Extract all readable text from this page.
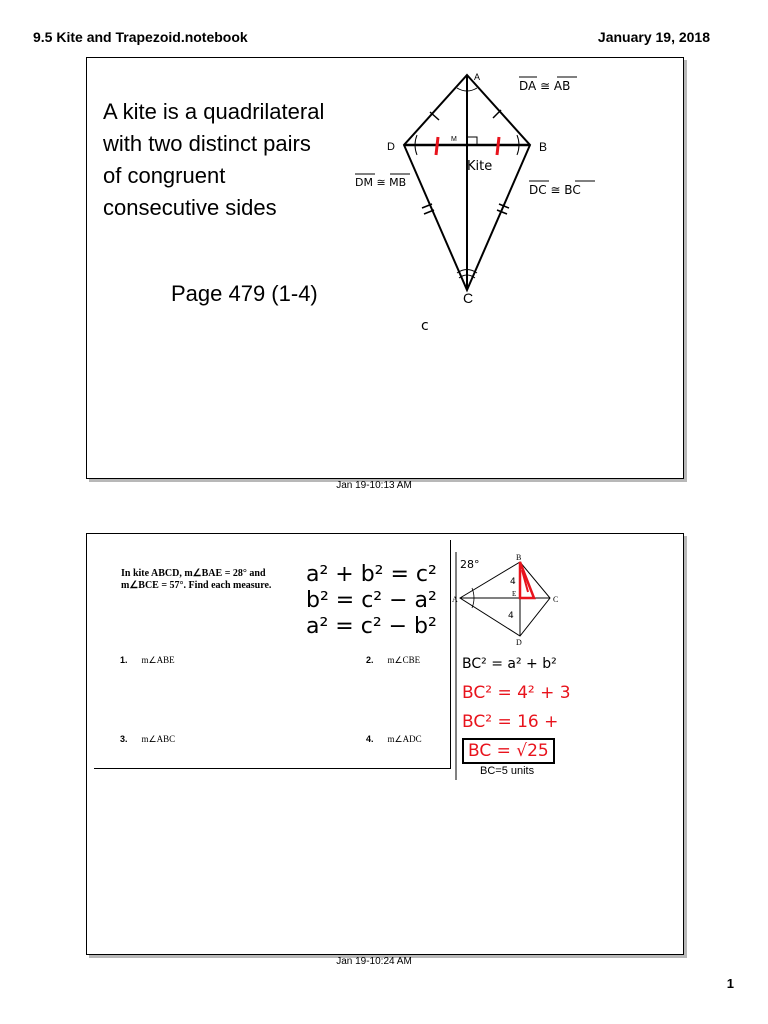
9.5 Kite and Trapezoid.notebook	January 19, 2018
A kite is a quadrilateral
with two distinct pairs
of congruent
consecutive sides
Page 479 (1-4)
A
B
C
D
M
Kite
c
DA ≅ AB
DM ≅ MB
DC ≅ BC
Jan 19-10:13 AM
In kite ABCD, m∠BAE = 28° and m∠BCE = 57°. Find each measure.
1. m∠ABE	2. m∠CBE
3. m∠ABC	4. m∠ADC
a² + b² = c²
b² = c² − a²
a² = c² − b²
A
B
C
D
E
28°
4
4
BC² = a² + b²
BC² = 4² + 3
BC² = 16 +
BC = √25
BC=5 units
Jan 19-10:24 AM
1
